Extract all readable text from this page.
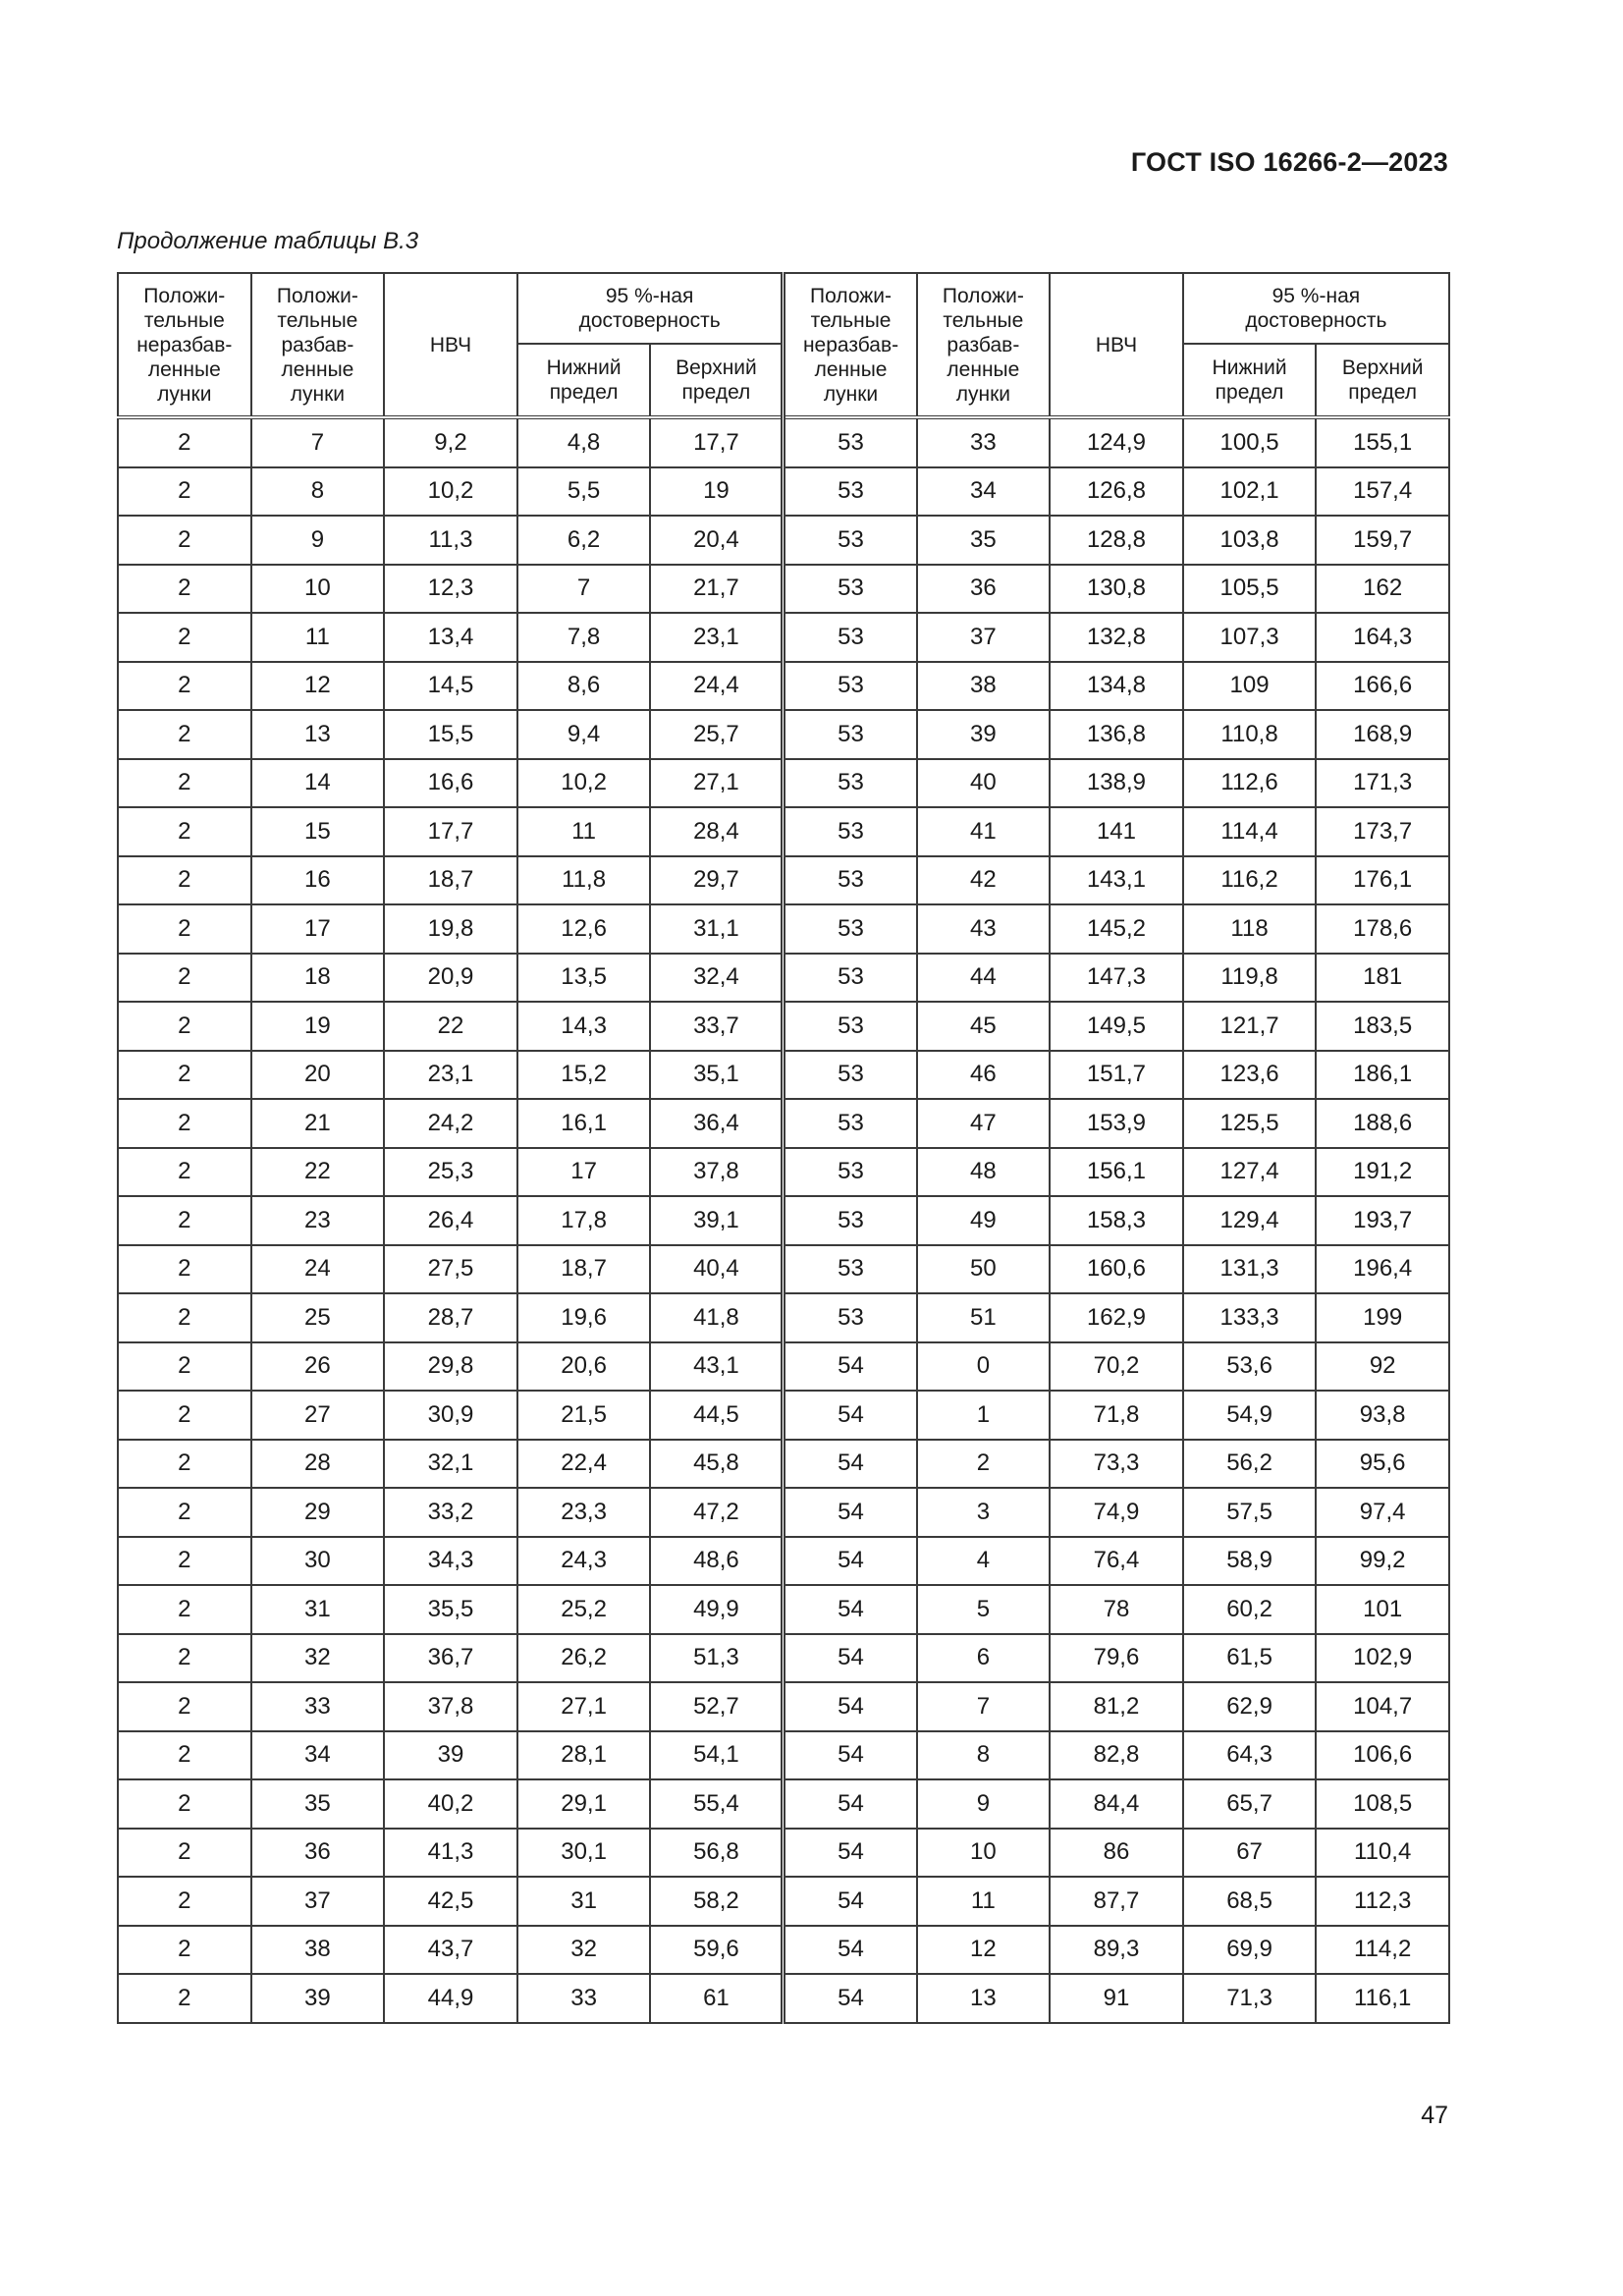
ГОСТ ISO 16266-2—2023
Продолжение таблицы B.3
Положи-
тельные
неразбав-
ленные
лунки	Положи-
тельные
разбав-
ленные
лунки	НВЧ	95 %-ная
достоверность		Положи-
тельные
неразбав-
ленные
лунки	Положи-
тельные
разбав-
ленные
лунки	НВЧ	95 %-ная
достоверность	
			Нижний
предел	Верхний
предел				Нижний
предел	Верхний
предел
2	7	9,2	4,8	17,7	53	33	124,9	100,5	155,1
2	8	10,2	5,5	19	53	34	126,8	102,1	157,4
2	9	11,3	6,2	20,4	53	35	128,8	103,8	159,7
2	10	12,3	7	21,7	53	36	130,8	105,5	162
2	11	13,4	7,8	23,1	53	37	132,8	107,3	164,3
2	12	14,5	8,6	24,4	53	38	134,8	109	166,6
2	13	15,5	9,4	25,7	53	39	136,8	110,8	168,9
2	14	16,6	10,2	27,1	53	40	138,9	112,6	171,3
2	15	17,7	11	28,4	53	41	141	114,4	173,7
2	16	18,7	11,8	29,7	53	42	143,1	116,2	176,1
2	17	19,8	12,6	31,1	53	43	145,2	118	178,6
2	18	20,9	13,5	32,4	53	44	147,3	119,8	181
2	19	22	14,3	33,7	53	45	149,5	121,7	183,5
2	20	23,1	15,2	35,1	53	46	151,7	123,6	186,1
2	21	24,2	16,1	36,4	53	47	153,9	125,5	188,6
2	22	25,3	17	37,8	53	48	156,1	127,4	191,2
2	23	26,4	17,8	39,1	53	49	158,3	129,4	193,7
2	24	27,5	18,7	40,4	53	50	160,6	131,3	196,4
2	25	28,7	19,6	41,8	53	51	162,9	133,3	199
2	26	29,8	20,6	43,1	54	0	70,2	53,6	92
2	27	30,9	21,5	44,5	54	1	71,8	54,9	93,8
2	28	32,1	22,4	45,8	54	2	73,3	56,2	95,6
2	29	33,2	23,3	47,2	54	3	74,9	57,5	97,4
2	30	34,3	24,3	48,6	54	4	76,4	58,9	99,2
2	31	35,5	25,2	49,9	54	5	78	60,2	101
2	32	36,7	26,2	51,3	54	6	79,6	61,5	102,9
2	33	37,8	27,1	52,7	54	7	81,2	62,9	104,7
2	34	39	28,1	54,1	54	8	82,8	64,3	106,6
2	35	40,2	29,1	55,4	54	9	84,4	65,7	108,5
2	36	41,3	30,1	56,8	54	10	86	67	110,4
2	37	42,5	31	58,2	54	11	87,7	68,5	112,3
2	38	43,7	32	59,6	54	12	89,3	69,9	114,2
2	39	44,9	33	61	54	13	91	71,3	116,1
47
